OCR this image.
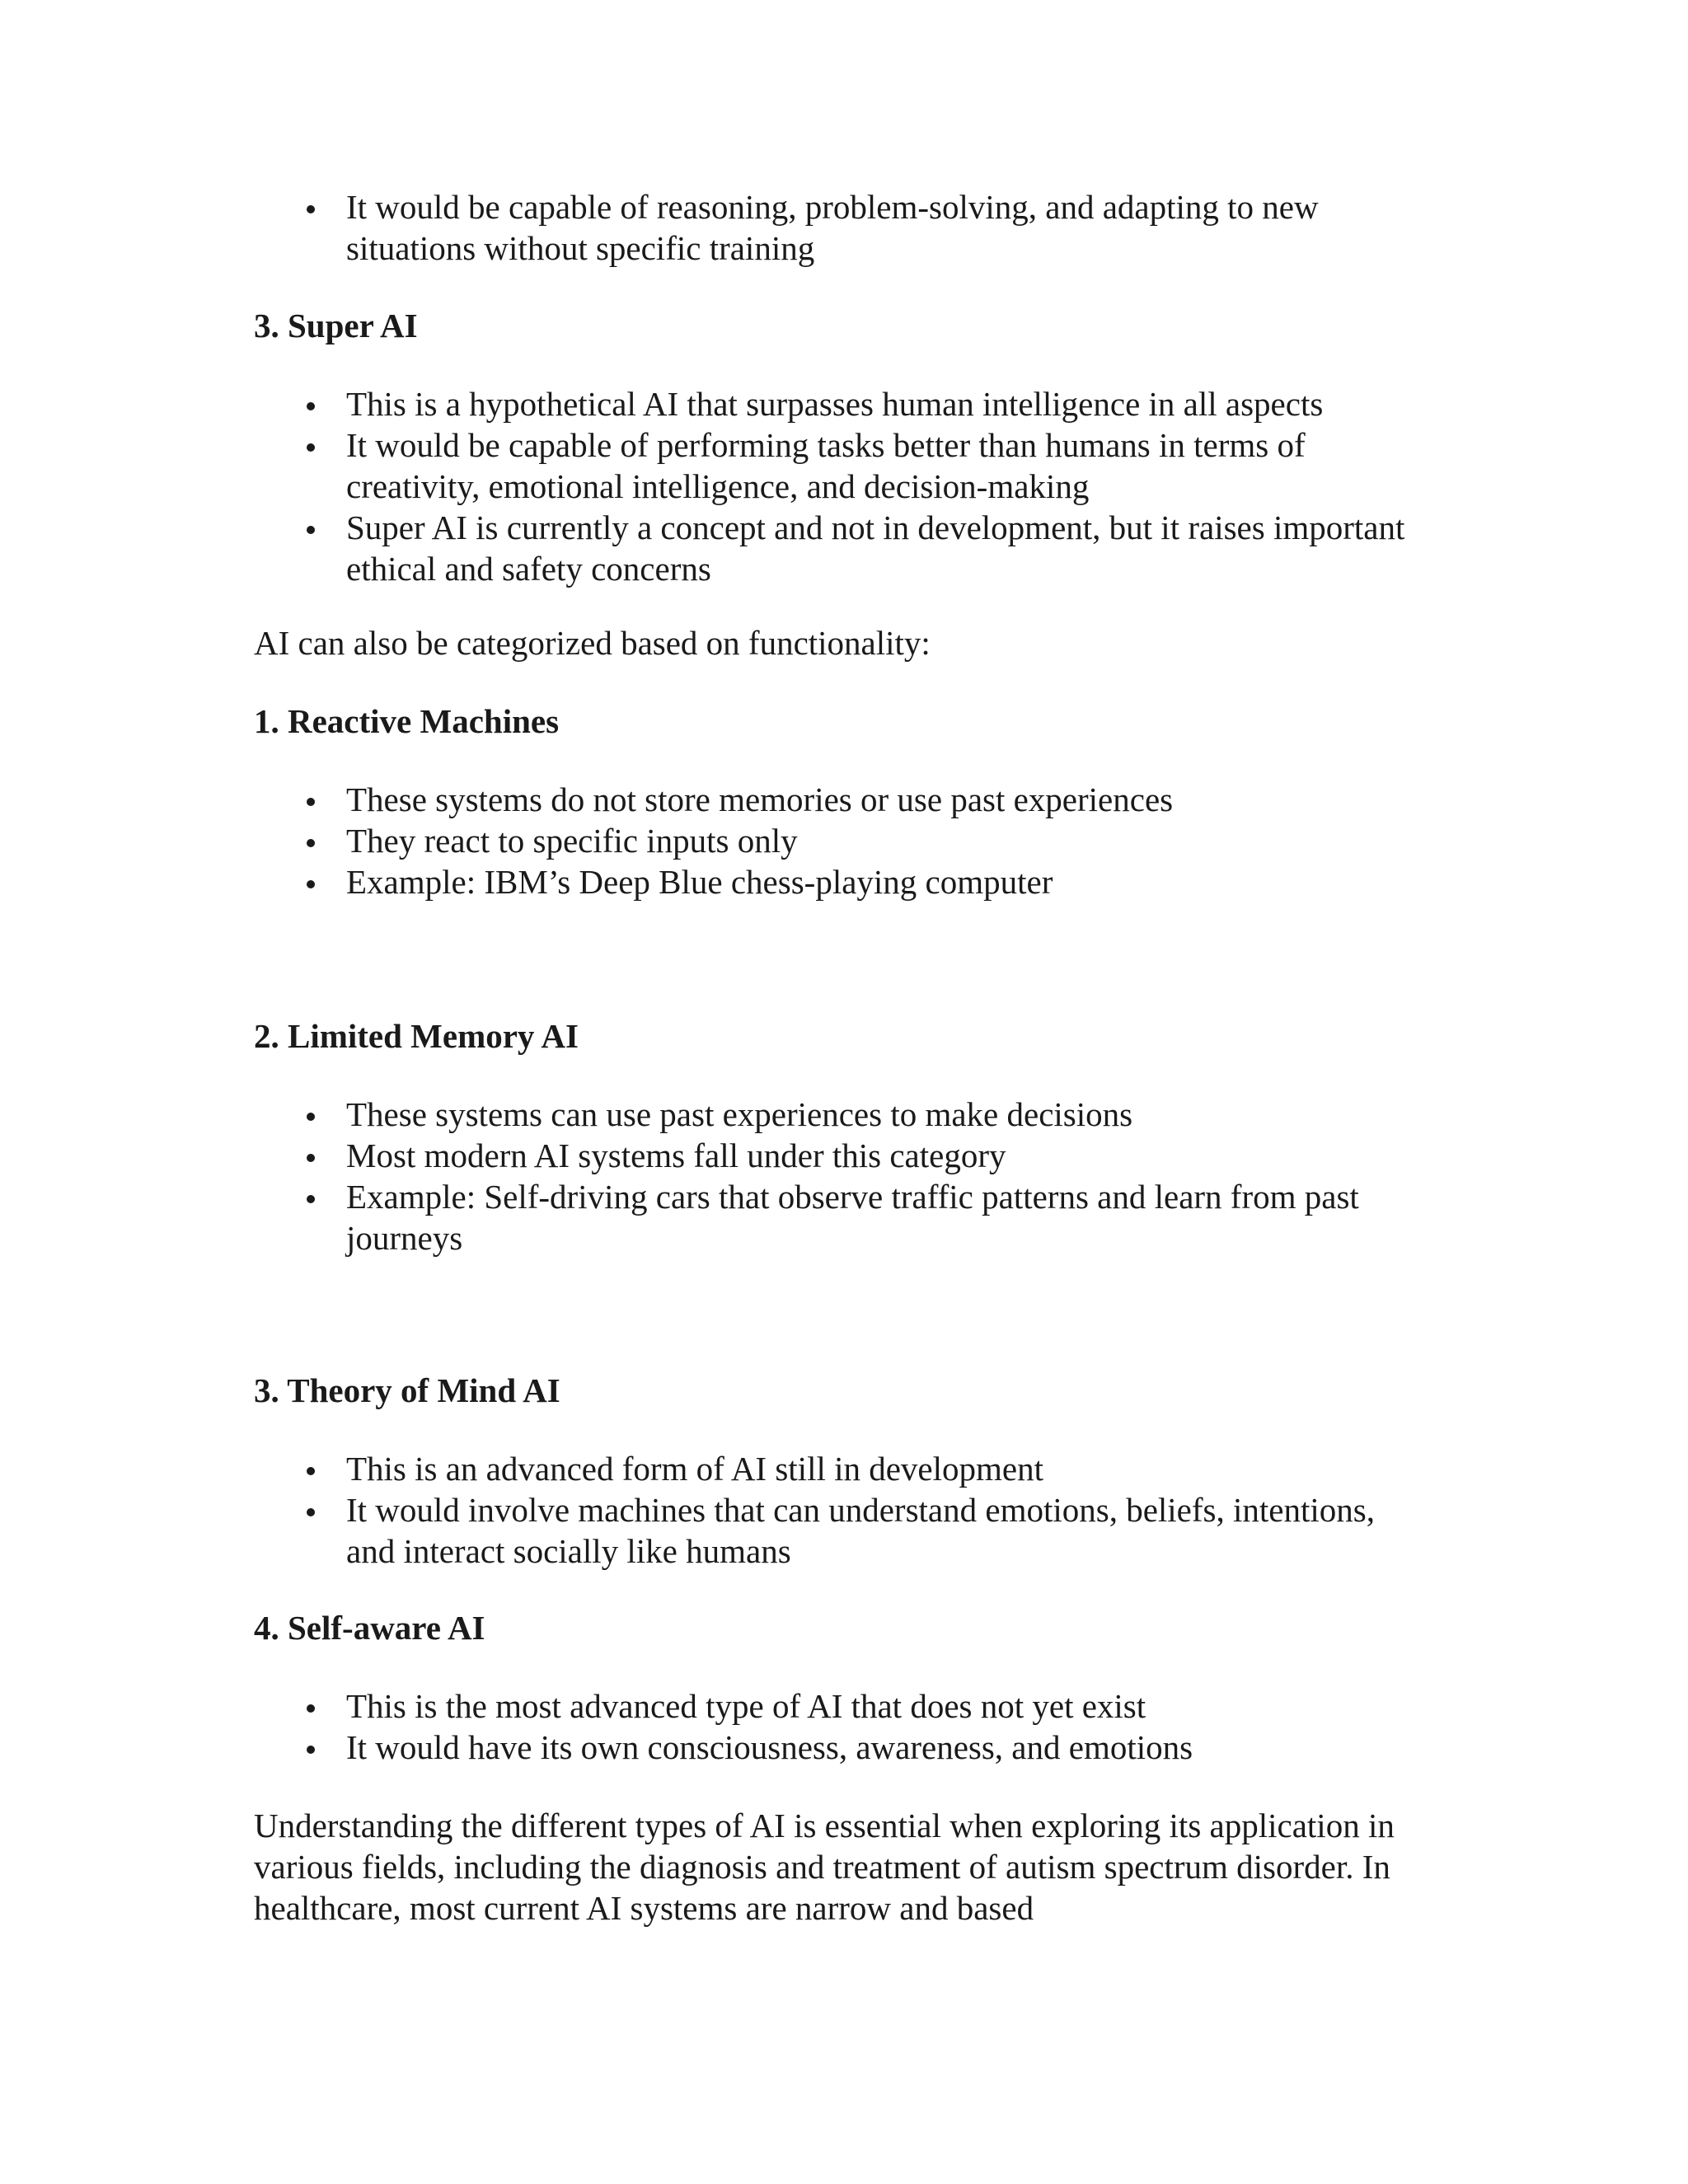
It would be capable of reasoning, problem-solving, and adapting to new situations without specific training
3. Super AI
This is a hypothetical AI that surpasses human intelligence in all aspects
It would be capable of performing tasks better than humans in terms of creativity, emotional intelligence, and decision-making
Super AI is currently a concept and not in development, but it raises important ethical and safety concerns
AI can also be categorized based on functionality:
1. Reactive Machines
These systems do not store memories or use past experiences
They react to specific inputs only
Example: IBM’s Deep Blue chess-playing computer
2. Limited Memory AI
These systems can use past experiences to make decisions
Most modern AI systems fall under this category
Example: Self-driving cars that observe traffic patterns and learn from past journeys
3. Theory of Mind AI
This is an advanced form of AI still in development
It would involve machines that can understand emotions, beliefs, intentions, and interact socially like humans
4. Self-aware AI
This is the most advanced type of AI that does not yet exist
It would have its own consciousness, awareness, and emotions
Understanding the different types of AI is essential when exploring its application in various fields, including the diagnosis and treatment of autism spectrum disorder. In healthcare, most current AI systems are narrow and based
